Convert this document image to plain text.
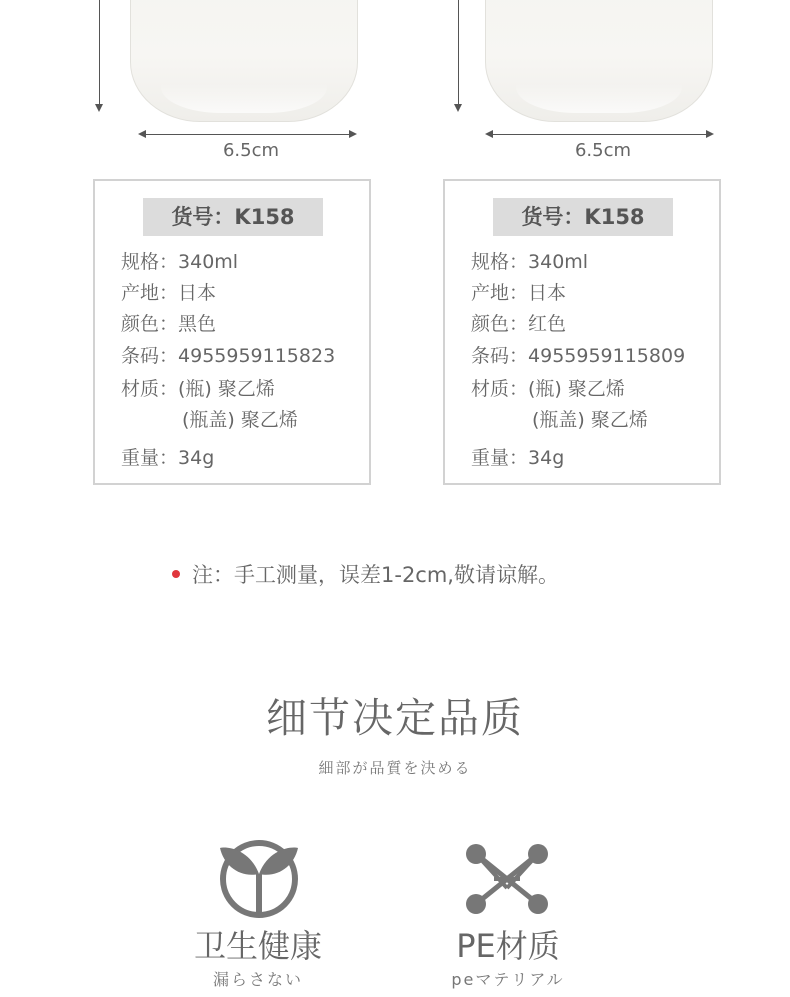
6.5cm	6.5cm
货号：K158
规格：340ml
产地：日本
颜色：黑色
条码：4955959115823
材质：(瓶) 聚乙烯
(瓶盖) 聚乙烯
重量：34g
货号：K158
规格：340ml
产地：日本
颜色：红色
条码：4955959115809
材质：(瓶) 聚乙烯
(瓶盖) 聚乙烯
重量：34g
注：手工测量，误差1-2cm,敬请谅解。
细节决定品质
細部が品質を決める
卫生健康
漏らさない
PE材质
peマテリアル
